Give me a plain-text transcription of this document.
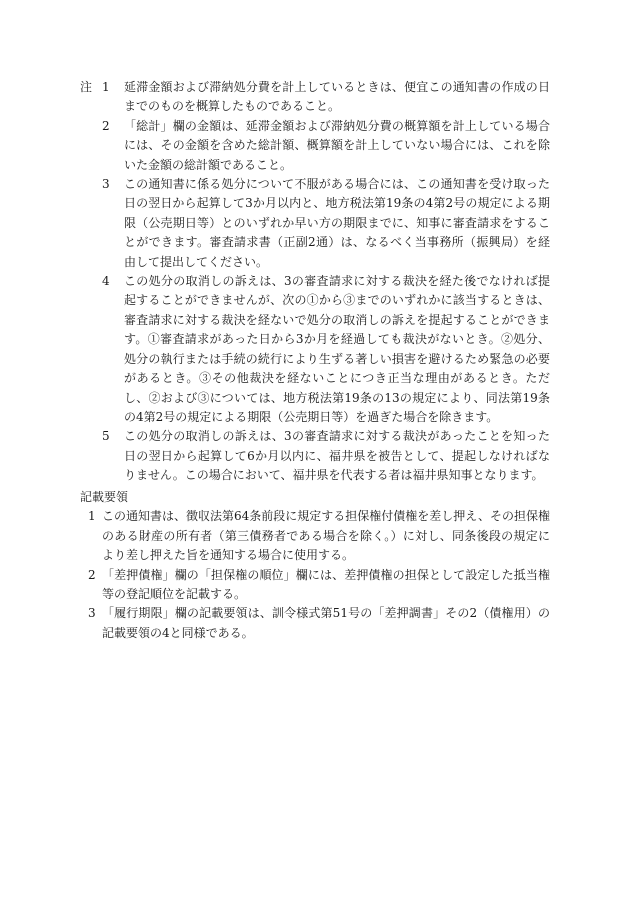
注 1 延滞金額および滞納処分費を計上しているときは、便宜この通知書の作成の日までのものを概算したものであること。
2 「総計」欄の金額は、延滞金額および滞納処分費の概算額を計上している場合には、その金額を含めた総計額、概算額を計上していない場合には、これを除いた金額の総計額であること。
3 この通知書に係る処分について不服がある場合には、この通知書を受け取った日の翌日から起算して3か月以内と、地方税法第19条の4第2号の規定による期限（公売期日等）とのいずれか早い方の期限までに、知事に審査請求をすることができます。審査請求書（正副2通）は、なるべく当事務所（振興局）を経由して提出してください。
4 この処分の取消しの訴えは、3の審査請求に対する裁決を経た後でなければ提起することができませんが、次の①から③までのいずれかに該当するときは、審査請求に対する裁決を経ないで処分の取消しの訴えを提起することができます。①審査請求があった日から3か月を経過しても裁決がないとき。②処分、処分の執行または手続の続行により生ずる著しい損害を避けるため緊急の必要があるとき。③その他裁決を経ないことにつき正当な理由があるとき。ただし、②および③については、地方税法第19条の13の規定により、同法第19条の4第2号の規定による期限（公売期日等）を過ぎた場合を除きます。
5 この処分の取消しの訴えは、3の審査請求に対する裁決があったことを知った日の翌日から起算して6か月以内に、福井県を被告として、提起しなければなりません。この場合において、福井県を代表する者は福井県知事となります。
記載要領
1 この通知書は、徴収法第64条前段に規定する担保権付債権を差し押え、その担保権のある財産の所有者（第三債務者である場合を除く。）に対し、同条後段の規定により差し押えた旨を通知する場合に使用する。
2 「差押債権」欄の「担保権の順位」欄には、差押債権の担保として設定した抵当権等の登記順位を記載する。
3 「履行期限」欄の記載要領は、訓令様式第51号の「差押調書」その2（債権用）の記載要領の4と同様である。
